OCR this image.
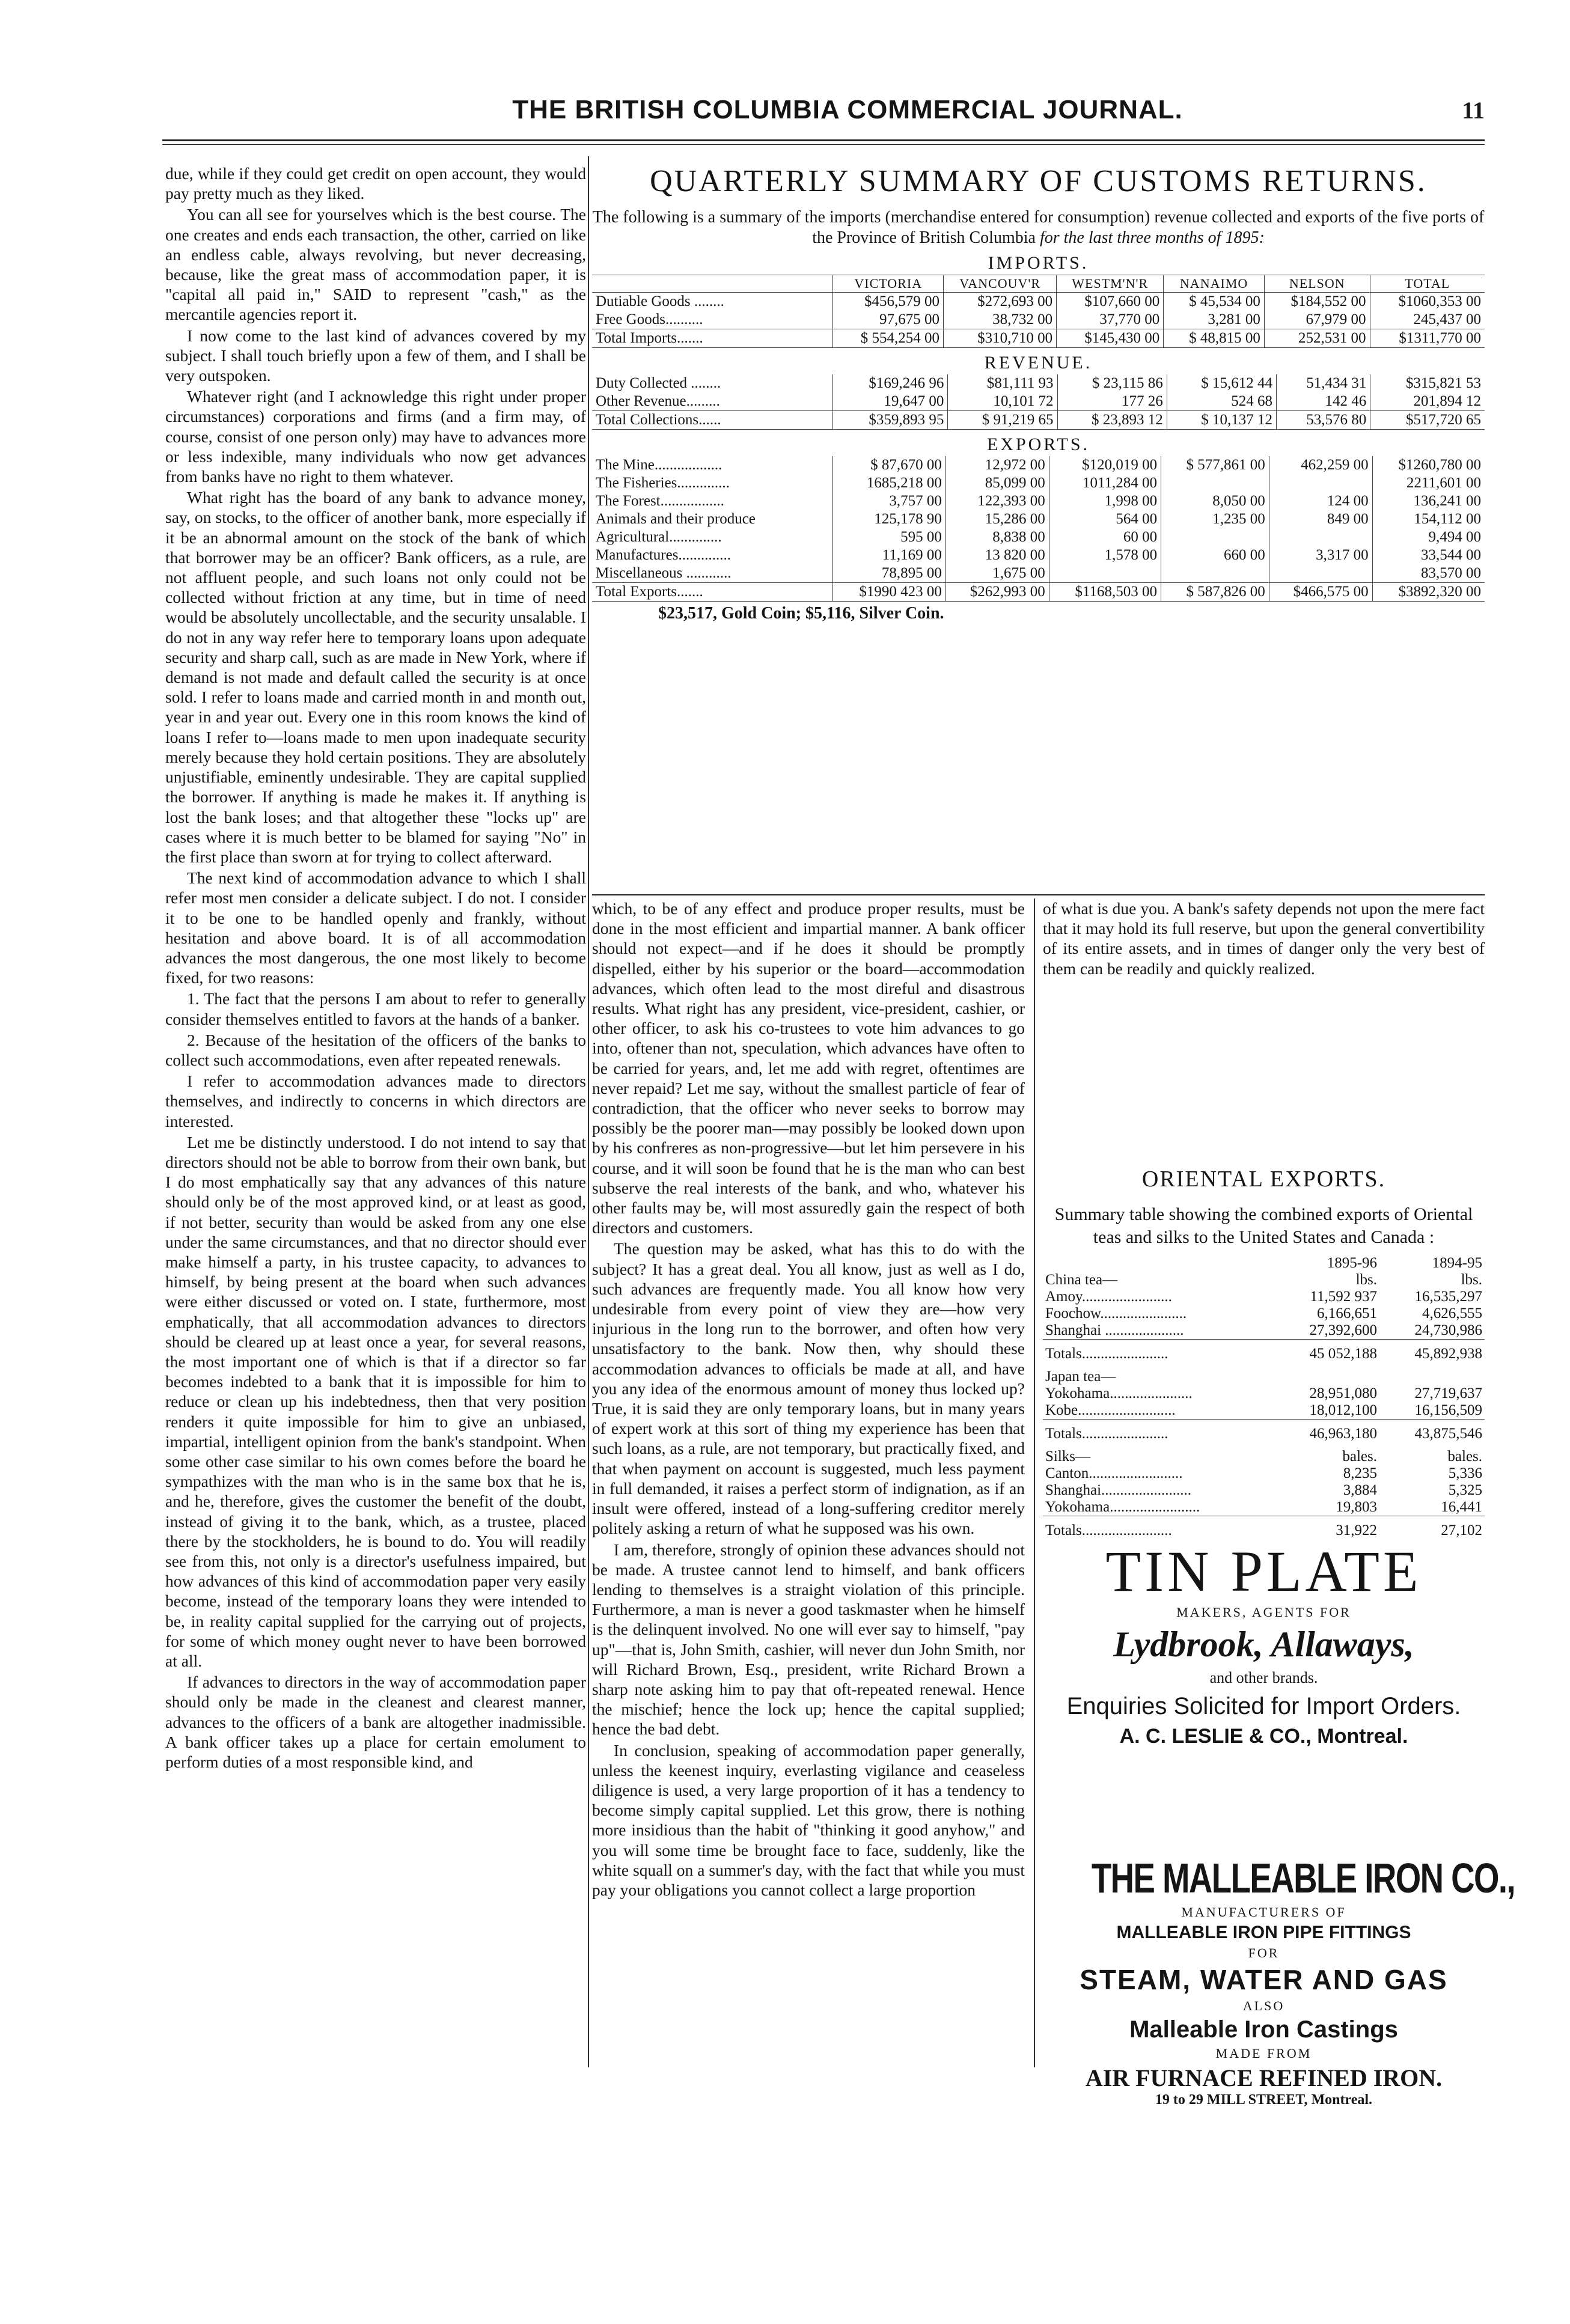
THE BRITISH COLUMBIA COMMERCIAL JOURNAL.	11

due, while if they could get credit on open account, they would pay pretty much as they liked.

You can all see for yourselves which is the best course. The one creates and ends each transaction, the other, carried on like an endless cable, always revolving, but never decreasing, because, like the great mass of accommodation paper, it is "capital all paid in," SAID to represent "cash," as the mercantile agencies report it.

I now come to the last kind of advances covered by my subject. I shall touch briefly upon a few of them, and I shall be very outspoken.

Whatever right (and I acknowledge this right under proper circumstances) corporations and firms (and a firm may, of course, consist of one person only) may have to advances more or less indexible, many individuals who now get advances from banks have no right to them whatever.

What right has the board of any bank to advance money, say, on stocks, to the officer of another bank, more especially if it be an abnormal amount on the stock of the bank of which that borrower may be an officer? Bank officers, as a rule, are not affluent people, and such loans not only could not be collected without friction at any time, but in time of need would be absolutely uncollectable, and the security unsalable. I do not in any way refer here to temporary loans upon adequate security and sharp call, such as are made in New York, where if demand is not made and default called the security is at once sold. I refer to loans made and carried month in and month out, year in and year out. Every one in this room knows the kind of loans I refer to—loans made to men upon inadequate security merely because they hold certain positions. They are absolutely unjustifiable, eminently undesirable. They are capital supplied the borrower. If anything is made he makes it. If anything is lost the bank loses; and that altogether these "locks up" are cases where it is much better to be blamed for saying "No" in the first place than sworn at for trying to collect afterward.

The next kind of accommodation advance to which I shall refer most men consider a delicate subject. I do not. I consider it to be one to be handled openly and frankly, without hesitation and above board. It is of all accommodation advances the most dangerous, the one most likely to become fixed, for two reasons:

1. The fact that the persons I am about to refer to generally consider themselves entitled to favors at the hands of a banker.

2. Because of the hesitation of the officers of the banks to collect such accommodations, even after repeated renewals.

I refer to accommodation advances made to directors themselves, and indirectly to concerns in which directors are interested.

Let me be distinctly understood. I do not intend to say that directors should not be able to borrow from their own bank, but I do most emphatically say that any advances of this nature should only be of the most approved kind, or at least as good, if not better, security than would be asked from any one else under the same circumstances, and that no director should ever make himself a party, in his trustee capacity, to advances to himself, by being present at the board when such advances were either discussed or voted on. I state, furthermore, most emphatically, that all accommodation advances to directors should be cleared up at least once a year, for several reasons, the most important one of which is that if a director so far becomes indebted to a bank that it is impossible for him to reduce or clean up his indebtedness, then that very position renders it quite impossible for him to give an unbiased, impartial, intelligent opinion from the bank's standpoint. When some other case similar to his own comes before the board he sympathizes with the man who is in the same box that he is, and he, therefore, gives the customer the benefit of the doubt, instead of giving it to the bank, which, as a trustee, placed there by the stockholders, he is bound to do. You will readily see from this, not only is a director's usefulness impaired, but how advances of this kind of accommodation paper very easily become, instead of the temporary loans they were intended to be, in reality capital supplied for the carrying out of projects, for some of which money ought never to have been borrowed at all.

If advances to directors in the way of accommodation paper should only be made in the cleanest and clearest manner, advances to the officers of a bank are altogether inadmissible. A bank officer takes up a place for certain emolument to perform duties of a most responsible kind, and

QUARTERLY SUMMARY OF CUSTOMS RETURNS.
The following is a summary of the imports (merchandise entered for consumption) revenue collected and exports of the five ports of the Province of British Columbia for the last three months of 1895:
IMPORTS.
	VICTORIA	VANCOUV'R	WESTM'N'R	NANAIMO	NELSON	TOTAL
Dutiable Goods ........	$456,579 00	$272,693 00	$107,660 00	$ 45,534 00	$184,552 00	$1060,353 00
Free Goods..........	97,675 00	38,732 00	37,770 00	3,281 00	67,979 00	245,437 00
Total Imports.......	$ 554,254 00	$310,710 00	$145,430 00	$ 48,815 00	252,531 00	$1311,770 00
REVENUE.
Duty Collected ........	$169,246 96	$81,111 93	$ 23,115 86	$ 15,612 44	51,434 31	$315,821 53
Other Revenue.........	19,647 00	10,101 72	177 26	524 68	142 46	201,894 12
Total Collections......	$359,893 95	$ 91,219 65	$ 23,893 12	$ 10,137 12	53,576 80	$517,720 65
EXPORTS.
The Mine..................	$ 87,670 00	12,972 00	$120,019 00	$ 577,861 00	462,259 00	$1260,780 00
The Fisheries..............	1685,218 00	85,099 00	1011,284 00			2211,601 00
The Forest.................	3,757 00	122,393 00	1,998 00	8,050 00	124 00	136,241 00
Animals and their produce	125,178 90	15,286 00	564 00	1,235 00	849 00	154,112 00
Agricultural..............	595 00	8,838 00	60 00			9,494 00
Manufactures..............	11,169 00	13 820 00	1,578 00	660 00	3,317 00	33,544 00
Miscellaneous ............	78,895 00	1,675 00				83,570 00
Total Exports.......	$1990 423 00	$262,993 00	$1168,503 00	$ 587,826 00	$466,575 00	$3892,320 00
$23,517, Gold Coin; $5,116, Silver Coin.

which, to be of any effect and produce proper results, must be done in the most efficient and impartial manner. A bank officer should not expect—and if he does it should be promptly dispelled, either by his superior or the board—accommodation advances, which often lead to the most direful and disastrous results. What right has any president, vice-president, cashier, or other officer, to ask his co-trustees to vote him advances to go into, oftener than not, speculation, which advances have often to be carried for years, and, let me add with regret, oftentimes are never repaid? Let me say, without the smallest particle of fear of contradiction, that the officer who never seeks to borrow may possibly be the poorer man—may possibly be looked down upon by his confreres as non-progressive—but let him persevere in his course, and it will soon be found that he is the man who can best subserve the real interests of the bank, and who, whatever his other faults may be, will most assuredly gain the respect of both directors and customers.

The question may be asked, what has this to do with the subject? It has a great deal. You all know, just as well as I do, such advances are frequently made. You all know how very undesirable from every point of view they are—how very injurious in the long run to the borrower, and often how very unsatisfactory to the bank. Now then, why should these accommodation advances to officials be made at all, and have you any idea of the enormous amount of money thus locked up? True, it is said they are only temporary loans, but in many years of expert work at this sort of thing my experience has been that such loans, as a rule, are not temporary, but practically fixed, and that when payment on account is suggested, much less payment in full demanded, it raises a perfect storm of indignation, as if an insult were offered, instead of a long-suffering creditor merely politely asking a return of what he supposed was his own.

I am, therefore, strongly of opinion these advances should not be made. A trustee cannot lend to himself, and bank officers lending to themselves is a straight violation of this principle. Furthermore, a man is never a good taskmaster when he himself is the delinquent involved. No one will ever say to himself, "pay up"—that is, John Smith, cashier, will never dun John Smith, nor will Richard Brown, Esq., president, write Richard Brown a sharp note asking him to pay that oft-repeated renewal. Hence the mischief; hence the lock up; hence the capital supplied; hence the bad debt.

In conclusion, speaking of accommodation paper generally, unless the keenest inquiry, everlasting vigilance and ceaseless diligence is used, a very large proportion of it has a tendency to become simply capital supplied. Let this grow, there is nothing more insidious than the habit of "thinking it good anyhow," and you will some time be brought face to face, suddenly, like the white squall on a summer's day, with the fact that while you must pay your obligations you cannot collect a large proportion

of what is due you. A bank's safety depends not upon the mere fact that it may hold its full reserve, but upon the general convertibility of its entire assets, and in times of danger only the very best of them can be readily and quickly realized.

ORIENTAL EXPORTS.
Summary table showing the combined exports of Oriental teas and silks to the United States and Canada :
	1895-96	1894-95
China tea—	lbs.	lbs.
Amoy........................	11,592 937	16,535,297
Foochow.......................	6,166,651	4,626,555
Shanghai .....................	27,392,600	24,730,986
Totals.......................	45 052,188	45,892,938
Japan tea—		
Yokohama......................	28,951,080	27,719,637
Kobe..........................	18,012,100	16,156,509
Totals.......................	46,963,180	43,875,546
Silks—	bales.	bales.
Canton.........................	8,235	5,336
Shanghai........................	3,884	5,325
Yokohama........................	19,803	16,441
Totals........................	31,922	27,102
TIN PLATE
MAKERS, AGENTS FOR
Lydbrook, Allaways,
and other brands.
Enquiries Solicited for Import Orders.
A. C. LESLIE & CO., Montreal.
THE MALLEABLE IRON CO.,
MANUFACTURERS OF
MALLEABLE IRON PIPE FITTINGS
FOR
STEAM, WATER AND GAS
ALSO
Malleable Iron Castings
MADE FROM
AIR FURNACE REFINED IRON.
19 to 29 MILL STREET, Montreal.
